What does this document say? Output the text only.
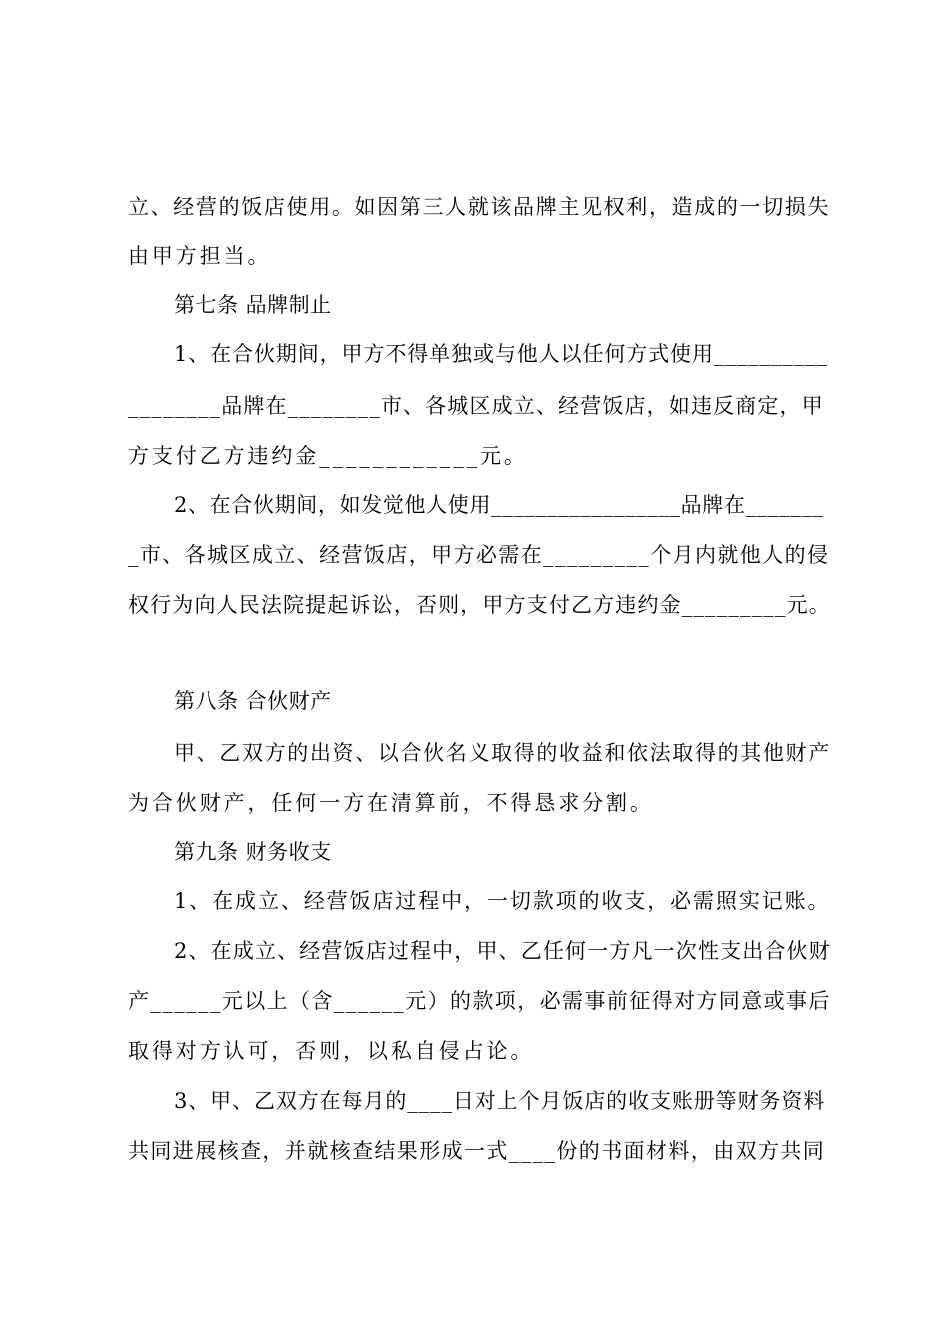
立、经营的饭店使用。如因第三人就该品牌主见权利，造成的一切损失
由甲方担当。
第七条 品牌制止
1、在合伙期间，甲方不得单独或与他人以任何方式使用__________
________品牌在________市、各城区成立、经营饭店，如违反商定，甲
方支付乙方违约金____________元。
2、在合伙期间，如发觉他人使用_________________品牌在_______
_市、各城区成立、经营饭店，甲方必需在_________个月内就他人的侵
权行为向人民法院提起诉讼，否则，甲方支付乙方违约金_________元。
第八条 合伙财产
甲、乙双方的出资、以合伙名义取得的收益和依法取得的其他财产
为合伙财产，任何一方在清算前，不得恳求分割。
第九条 财务收支
1、在成立、经营饭店过程中，一切款项的收支，必需照实记账。
2、在成立、经营饭店过程中，甲、乙任何一方凡一次性支出合伙财
产______元以上（含______元）的款项，必需事前征得对方同意或事后
取得对方认可，否则，以私自侵占论。
3、甲、乙双方在每月的____日对上个月饭店的收支账册等财务资料
共同进展核查，并就核查结果形成一式____份的书面材料，由双方共同
